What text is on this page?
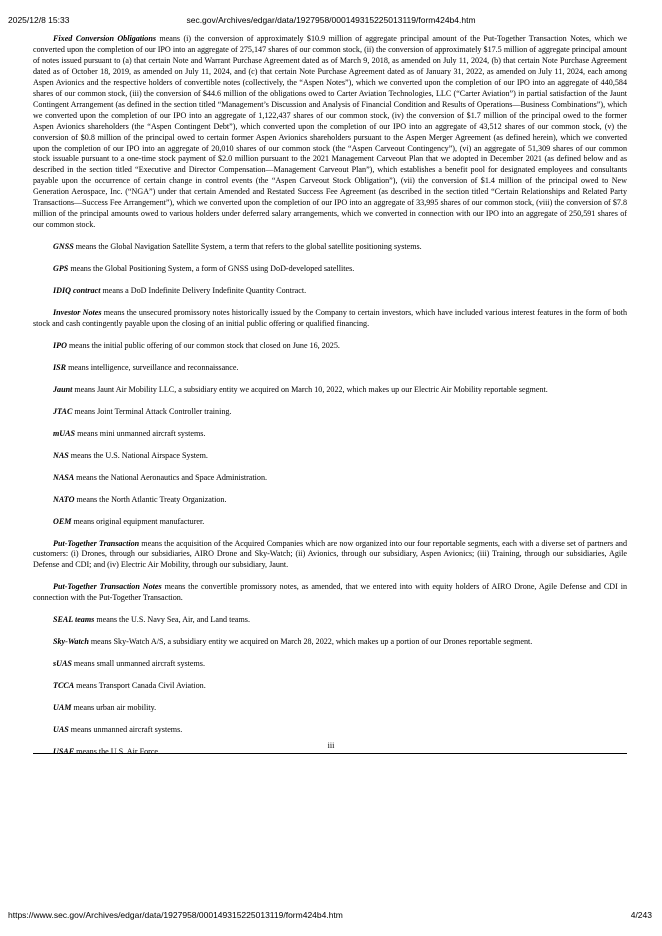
2025/12/8 15:33	sec.gov/Archives/edgar/data/1927958/000149315225013119/form424b4.htm

Fixed Conversion Obligations means (i) the conversion of approximately $10.9 million of aggregate principal amount of the Put-Together Transaction Notes, which we converted upon the completion of our IPO into an aggregate of 275,147 shares of our common stock, (ii) the conversion of approximately $17.5 million of aggregate principal amount of notes issued pursuant to (a) that certain Note and Warrant Purchase Agreement dated as of March 9, 2018, as amended on July 11, 2024, (b) that certain Note Purchase Agreement dated as of October 18, 2019, as amended on July 11, 2024, and (c) that certain Note Purchase Agreement dated as of January 31, 2022, as amended on July 11, 2024, each among Aspen Avionics and the respective holders of convertible notes (collectively, the “Aspen Notes”), which we converted upon the completion of our IPO into an aggregate of 440,584 shares of our common stock, (iii) the conversion of $44.6 million of the obligations owed to Carter Aviation Technologies, LLC (“Carter Aviation”) in partial satisfaction of the Jaunt Contingent Arrangement (as defined in the section titled “Management’s Discussion and Analysis of Financial Condition and Results of Operations—Business Combinations”), which we converted upon the completion of our IPO into an aggregate of 1,122,437 shares of our common stock, (iv) the conversion of $1.7 million of the principal owed to the former Aspen Avionics shareholders (the “Aspen Contingent Debt”), which converted upon the completion of our IPO into an aggregate of 43,512 shares of our common stock, (v) the conversion of $0.8 million of the principal owed to certain former Aspen Avionics shareholders pursuant to the Aspen Merger Agreement (as defined herein), which we converted upon the completion of our IPO into an aggregate of 20,010 shares of our common stock (the “Aspen Carveout Contingency”), (vi) an aggregate of 51,309 shares of our common stock issuable pursuant to a one-time stock payment of $2.0 million pursuant to the 2021 Management Carveout Plan that we adopted in December 2021 (as defined below and as described in the section titled “Executive and Director Compensation—Management Carveout Plan”), which establishes a benefit pool for designated employees and consultants payable upon the occurrence of certain change in control events (the “Aspen Carveout Stock Obligation”), (vii) the conversion of $1.4 million of the principal owed to New Generation Aerospace, Inc. (“NGA”) under that certain Amended and Restated Success Fee Agreement (as described in the section titled “Certain Relationships and Related Party Transactions—Success Fee Arrangement”), which we converted upon the completion of our IPO into an aggregate of 33,995 shares of our common stock, (viii) the conversion of $7.8 million of the principal amounts owed to various holders under deferred salary arrangements, which we converted in connection with our IPO into an aggregate of 250,591 shares of our common stock.

GNSS means the Global Navigation Satellite System, a term that refers to the global satellite positioning systems.

GPS means the Global Positioning System, a form of GNSS using DoD-developed satellites.

IDIQ contract means a DoD Indefinite Delivery Indefinite Quantity Contract.

Investor Notes means the unsecured promissory notes historically issued by the Company to certain investors, which have included various interest features in the form of both stock and cash contingently payable upon the closing of an initial public offering or qualified financing.

IPO means the initial public offering of our common stock that closed on June 16, 2025.

ISR means intelligence, surveillance and reconnaissance.

Jaunt means Jaunt Air Mobility LLC, a subsidiary entity we acquired on March 10, 2022, which makes up our Electric Air Mobility reportable segment.

JTAC means Joint Terminal Attack Controller training.

mUAS means mini unmanned aircraft systems.

NAS means the U.S. National Airspace System.

NASA means the National Aeronautics and Space Administration.

NATO means the North Atlantic Treaty Organization.

OEM means original equipment manufacturer.

Put-Together Transaction means the acquisition of the Acquired Companies which are now organized into our four reportable segments, each with a diverse set of partners and customers: (i) Drones, through our subsidiaries, AIRO Drone and Sky-Watch; (ii) Avionics, through our subsidiary, Aspen Avionics; (iii) Training, through our subsidiaries, Agile Defense and CDI; and (iv) Electric Air Mobility, through our subsidiary, Jaunt.

Put-Together Transaction Notes means the convertible promissory notes, as amended, that we entered into with equity holders of AIRO Drone, Agile Defense and CDI in connection with the Put-Together Transaction.

SEAL teams means the U.S. Navy Sea, Air, and Land teams.

Sky-Watch means Sky-Watch A/S, a subsidiary entity we acquired on March 28, 2022, which makes up a portion of our Drones reportable segment.

sUAS means small unmanned aircraft systems.

TCCA means Transport Canada Civil Aviation.

UAM means urban air mobility.

UAS means unmanned aircraft systems.

USAF means the U.S. Air Force.

iii
https://www.sec.gov/Archives/edgar/data/1927958/000149315225013119/form424b4.htm	4/243
